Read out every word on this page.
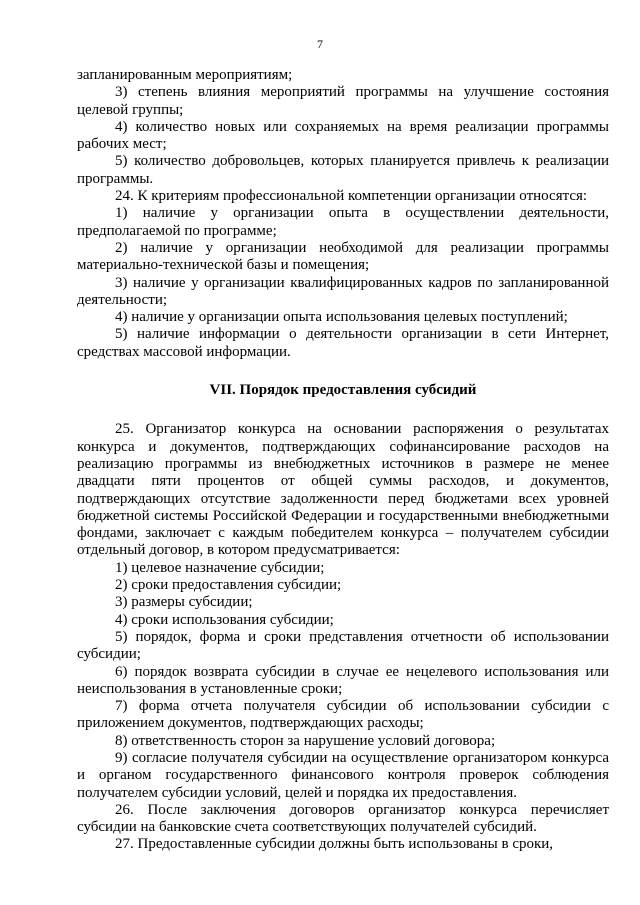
7

запланированным мероприятиям;

3) степень влияния мероприятий программы на улучшение состояния целевой группы;

4) количество новых или сохраняемых на время реализации программы рабочих мест;

5) количество добровольцев, которых планируется привлечь к реализации программы.

24. К критериям профессиональной компетенции организации относятся:

1) наличие у организации опыта в осуществлении деятельности, предполагаемой по программе;

2) наличие у организации необходимой для реализации программы материально-технической базы и помещения;

3) наличие у организации квалифицированных кадров по запланированной деятельности;

4) наличие у организации опыта использования целевых поступлений;

5) наличие информации о деятельности организации в сети Интернет, средствах массовой информации.

VII. Порядок предоставления субсидий

25. Организатор конкурса на основании распоряжения о результатах конкурса и документов, подтверждающих софинансирование расходов на реализацию программы из внебюджетных источников в размере не менее двадцати пяти процентов от общей суммы расходов, и документов, подтверждающих отсутствие задолженности перед бюджетами всех уровней бюджетной системы Российской Федерации и государственными внебюджетными фондами, заключает с каждым победителем конкурса – получателем субсидии отдельный договор, в котором предусматривается:

1) целевое назначение субсидии;

2) сроки предоставления субсидии;

3) размеры субсидии;

4) сроки использования субсидии;

5) порядок, форма и сроки представления отчетности об использовании субсидии;

6) порядок возврата субсидии в случае ее нецелевого использования или неиспользования в установленные сроки;

7) форма отчета получателя субсидии об использовании субсидии с приложением документов, подтверждающих расходы;

8) ответственность сторон за нарушение условий договора;

9) согласие получателя субсидии на осуществление организатором конкурса и органом государственного финансового контроля проверок соблюдения получателем субсидии условий, целей и порядка их предоставления.

26. После заключения договоров организатор конкурса перечисляет субсидии на банковские счета соответствующих получателей субсидий.

27. Предоставленные субсидии должны быть использованы в сроки,
